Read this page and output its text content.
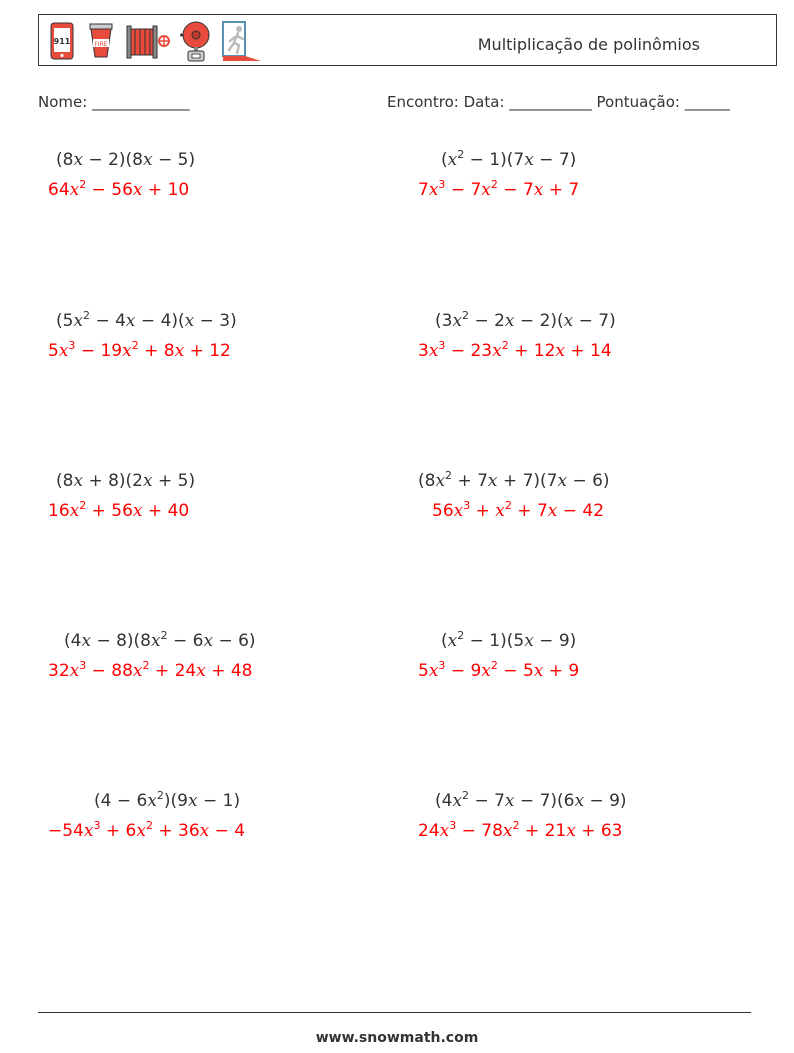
911	FIRE	Multiplicação de polinômios
Nome: _____________	Encontro: Data: ___________ Pontuação: ______
(8x − 2)(8x − 5)
$64x^2 - 56x + 10$
$(x^2 - 1)(7x - 7)$
$7x^3 - 7x^2 - 7x + 7$
$(5x^2 - 4x - 4)(x - 3)$
$5x^3 - 19x^2 + 8x + 12$
$(3x^2 - 2x - 2)(x - 7)$
$3x^3 - 23x^2 + 12x + 14$
(8x + 8)(2x + 5)
$16x^2 + 56x + 40$
$(8x^2 + 7x + 7)(7x - 6)$
$56x^3 + x^2 + 7x - 42$
$(4x - 8)(8x^2 - 6x - 6)$
$32x^3 - 88x^2 + 24x + 48$
$(x^2 - 1)(5x - 9)$
$5x^3 - 9x^2 - 5x + 9$
$(4 - 6x^2)(9x - 1)$
$-54x^3 + 6x^2 + 36x - 4$
$(4x^2 - 7x - 7)(6x - 9)$
$24x^3 - 78x^2 + 21x + 63$
www.snowmath.com
